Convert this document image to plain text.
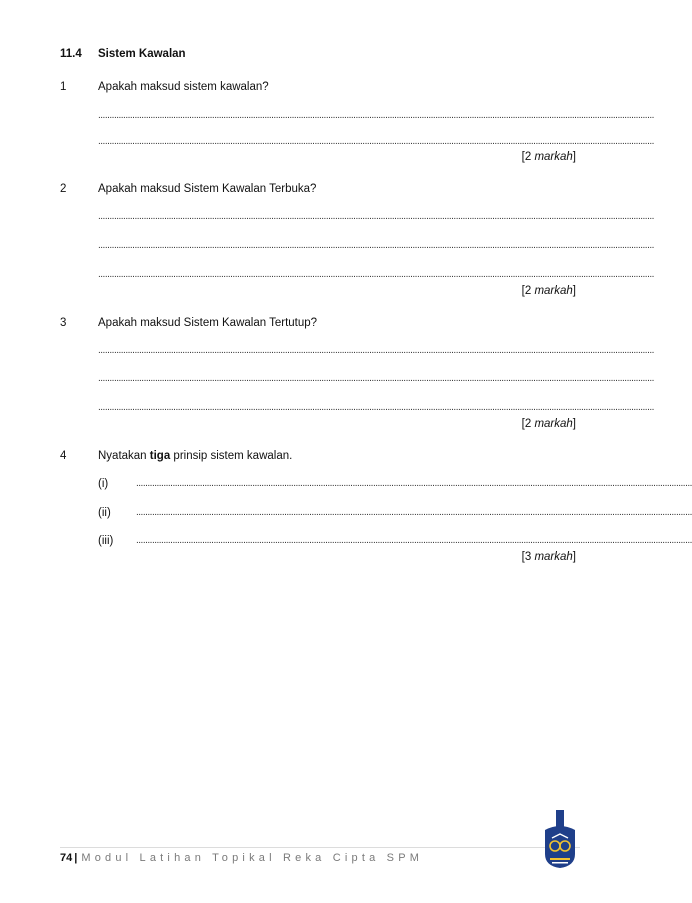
11.4 Sistem Kawalan
1	Apakah maksud sistem kawalan?
....................................................................................................................................................................................................................................................
....................................................................................................................................................................................................................................................
[2 markah]
2	Apakah maksud Sistem Kawalan Terbuka?
....................................................................................................................................................................................................................................................
....................................................................................................................................................................................................................................................
....................................................................................................................................................................................................................................................
[2 markah]
3	Apakah maksud Sistem Kawalan Tertutup?
....................................................................................................................................................................................................................................................
....................................................................................................................................................................................................................................................
....................................................................................................................................................................................................................................................
[2 markah]
4	Nyatakan tiga prinsip sistem kawalan.
(i)	....................................................................................................................................................................................................................................................
(ii)	....................................................................................................................................................................................................................................................
(iii) ....................................................................................................................................................................................................................................................
[3 markah]
74 | Modul Latihan Topikal Reka Cipta SPM
